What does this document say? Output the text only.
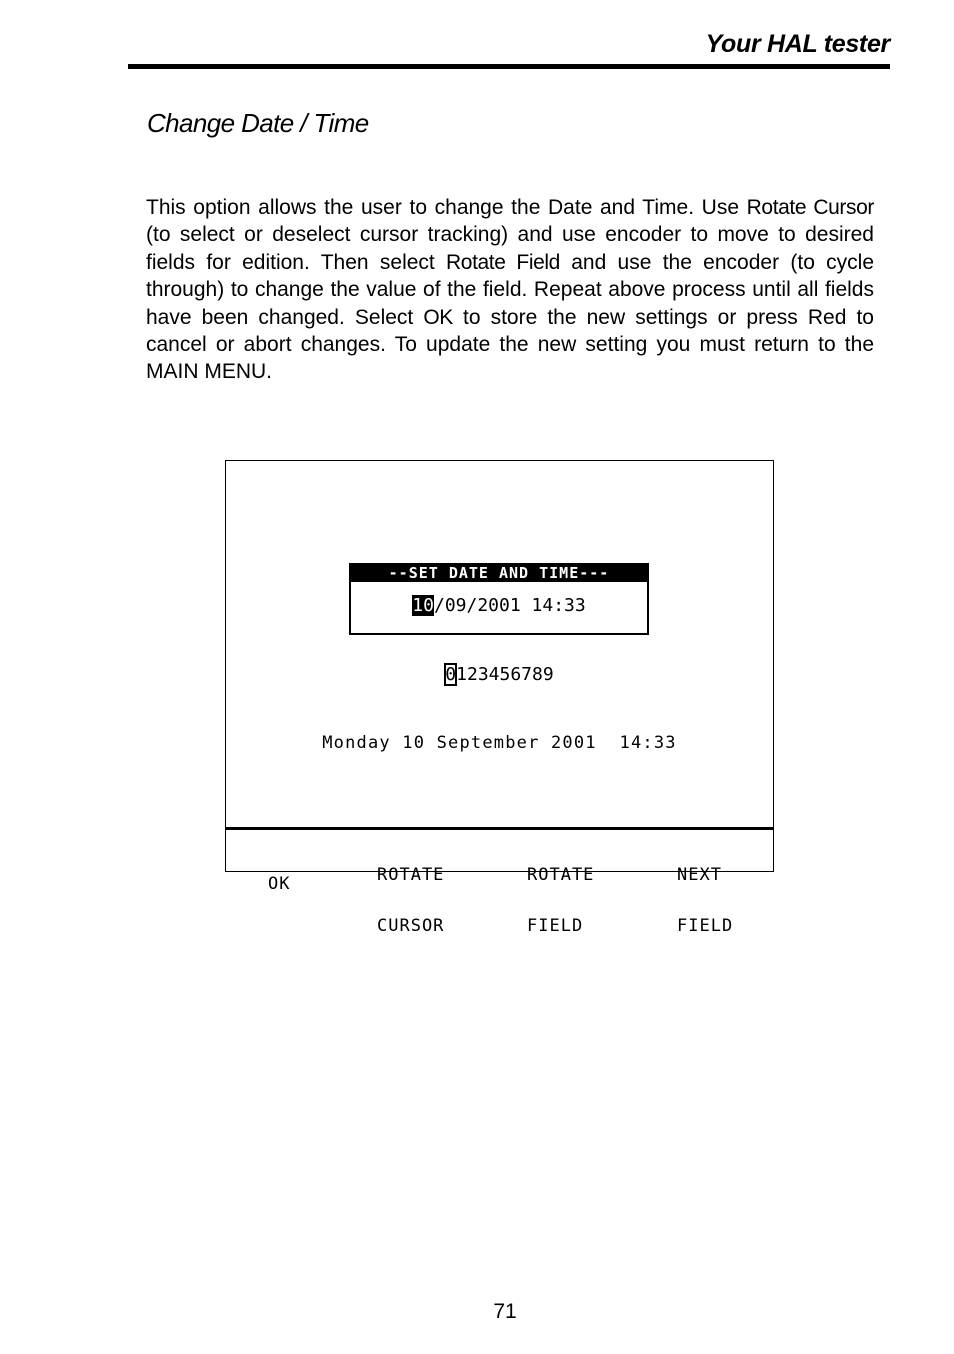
Your HAL tester
Change Date / Time

This option allows the user to change the Date and Time. Use Rotate Cursor (to select or deselect cursor tracking) and use encoder to move to desired fields for edition. Then select Rotate Field and use the encoder (to cycle through) to change the value of the field. Repeat above process until all fields have been changed. Select OK to store the new settings or press Red to cancel or abort changes. To update the new setting you must return to the MAIN MENU.

--SET DATE AND TIME---
10/09/2001 14:33
0123456789
Monday 10 September 2001  14:33

OK

	ROTATE

CURSOR

ROTATE

FIELD

NEXT

FIELD

71
